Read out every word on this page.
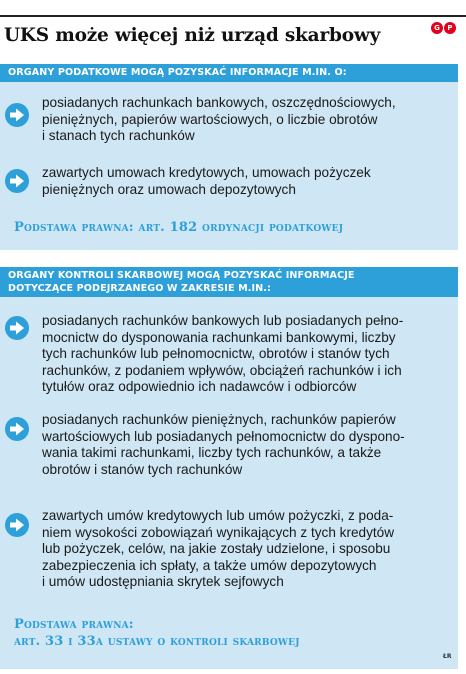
G	P
UKS może więcej niż urząd skarbowy
ORGANY PODATKOWE MOGĄ POZYSKAĆ INFORMACJE M.IN. O:
posiadanych rachunkach bankowych, oszczędnościowych,
pieniężnych, papierów wartościowych, o liczbie obrotów
i stanach tych rachunków
zawartych umowach kredytowych, umowach pożyczek
pieniężnych oraz umowach depozytowych
Podstawa prawna: art. 182 ordynacji podatkowej
ORGANY KONTROLI SKARBOWEJ MOGĄ POZYSKAĆ INFORMACJE
DOTYCZĄCE PODEJRZANEGO W ZAKRESIE M.IN.:
posiadanych rachunków bankowych lub posiadanych pełno-
mocnictw do dysponowania rachunkami bankowymi, liczby
tych rachunków lub pełnomocnictw, obrotów i stanów tych
rachunków, z podaniem wpływów, obciążeń rachunków i ich
tytułów oraz odpowiednio ich nadawców i odbiorców
posiadanych rachunków pieniężnych, rachunków papierów
wartościowych lub posiadanych pełnomocnictw do dyspono-
wania takimi rachunkami, liczby tych rachunków, a także
obrotów i stanów tych rachunków
zawartych umów kredytowych lub umów pożyczki, z poda-
niem wysokości zobowiązań wynikających z tych kredytów
lub pożyczek, celów, na jakie zostały udzielone, i sposobu
zabezpieczenia ich spłaty, a także umów depozytowych
i umów udostępniania skrytek sejfowych
Podstawa prawna:
art. 33 i 33a ustawy o kontroli skarbowej
ŁR
